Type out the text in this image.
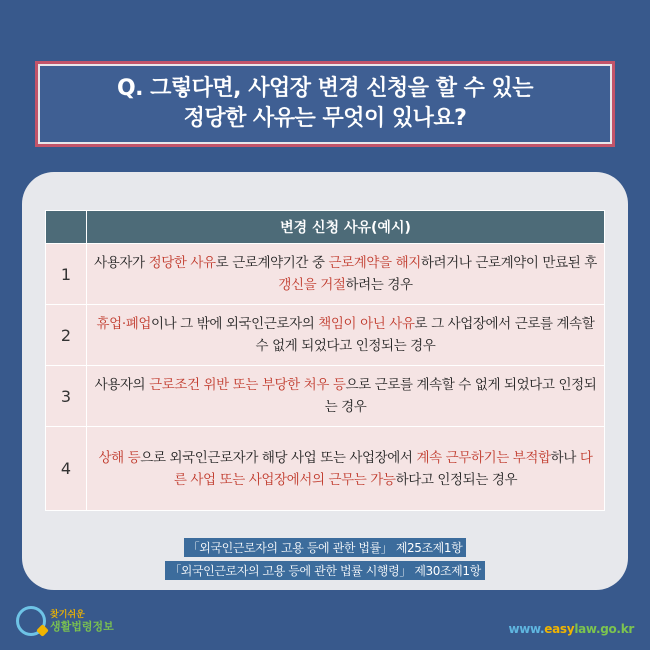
Q. 그렇다면, 사업장 변경 신청을 할 수 있는
정당한 사유는 무엇이 있나요?
	변경 신청 사유(예시)
1	사용자가 정당한 사유로 근로계약기간 중 근로계약을 해지하려거나 근로계약이 만료된 후 갱신을 거절하려는 경우
2	휴업·폐업이나 그 밖에 외국인근로자의 책임이 아닌 사유로 그 사업장에서 근로를 계속할 수 없게 되었다고 인정되는 경우
3	사용자의 근로조건 위반 또는 부당한 처우 등으로 근로를 계속할 수 없게 되었다고 인정되는 경우
4	상해 등으로 외국인근로자가 해당 사업 또는 사업장에서 계속 근무하기는 부적합하나 다른 사업 또는 사업장에서의 근무는 가능하다고 인정되는 경우
「외국인근로자의 고용 등에 관한 법률」 제25조제1항
「외국인근로자의 고용 등에 관한 법률 시행령」 제30조제1항
찾기쉬운
생활법령정보	www.easylaw.go.kr
